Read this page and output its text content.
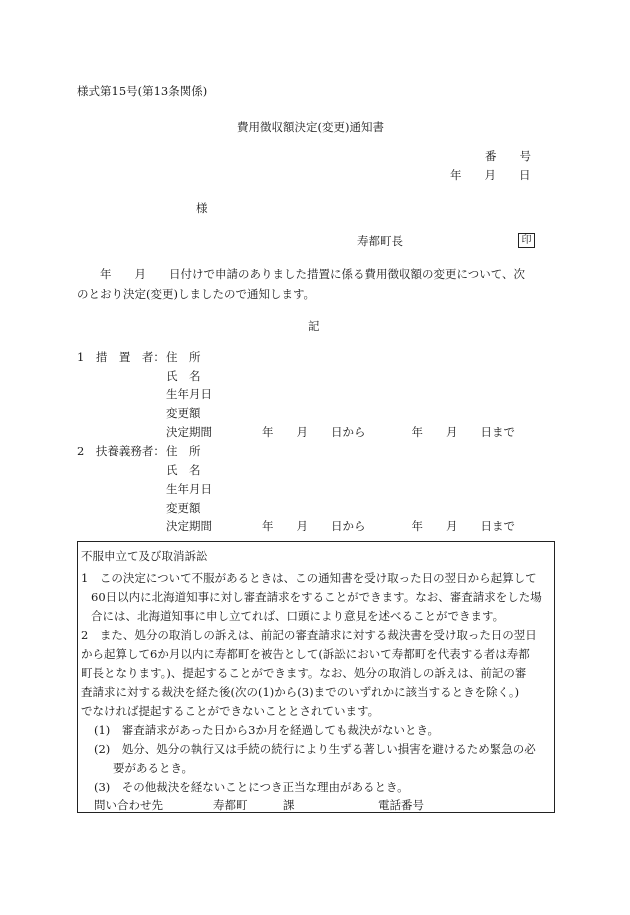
様式第15号(第13条関係)
費用徴収額決定(変更)通知書
番　　号
年　　月　　日
様
寿都町長	印
　　年　　月　　日付けで申請のありました措置に係る費用徴収額の変更について、次
のとおり決定(変更)しましたので通知します。
記
1　措　置　者： 住　所
氏　名
生年月日
変更額
決定期間	年　　月　　日から　　　　年　　月　　日まで
2　扶養義務者： 住　所
氏　名
生年月日
変更額
決定期間	年　　月　　日から　　　　年　　月　　日まで
不服申立て及び取消訴訟
1　この決定について不服があるときは、この通知書を受け取った日の翌日から起算して
60日以内に北海道知事に対し審査請求をすることができます。なお、審査請求をした場
合には、北海道知事に申し立てれば、口頭により意見を述べることができます。
2　また、処分の取消しの訴えは、前記の審査請求に対する裁決書を受け取った日の翌日
から起算して6か月以内に寿都町を被告として(訴訟において寿都町を代表する者は寿都
町長となります。)、提起することができます。なお、処分の取消しの訴えは、前記の審
査請求に対する裁決を経た後(次の(1)から(3)までのいずれかに該当するときを除く。)
でなければ提起することができないこととされています。
(1)　審査請求があった日から3か月を経過しても裁決がないとき。
(2)　処分、処分の執行又は手続の続行により生ずる著しい損害を避けるため緊急の必
要があるとき。
(3)　その他裁決を経ないことにつき正当な理由があるとき。
問い合わせ先	寿都町	課	電話番号
